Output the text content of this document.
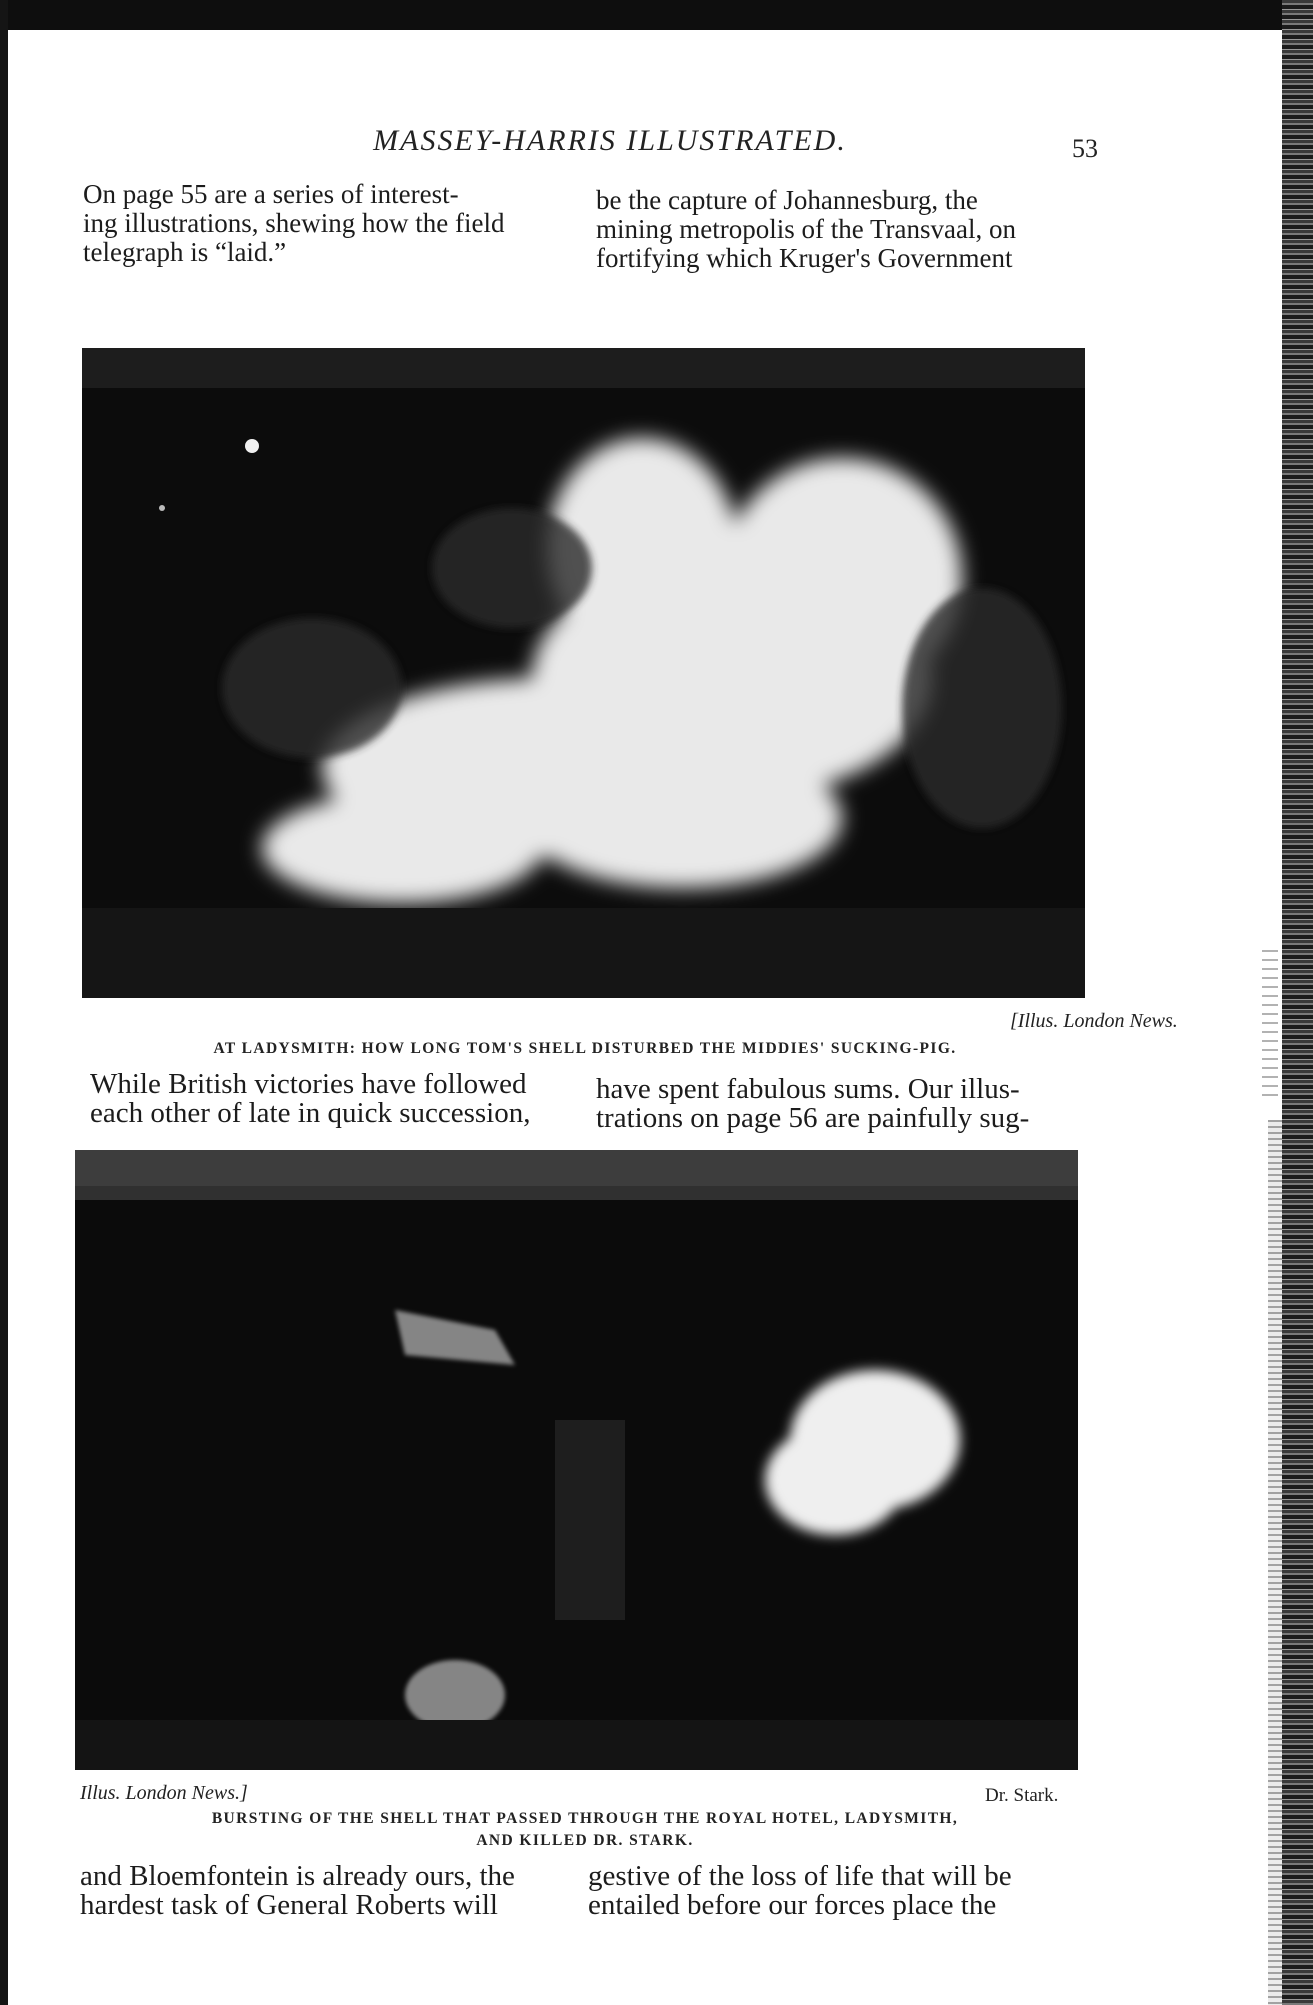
MASSEY-HARRIS ILLUSTRATED.	53
On page 55 are a series of interest-
ing illustrations, shewing how the field
telegraph is “laid.”
be the capture of Johannesburg, the
mining metropolis of the Transvaal, on
fortifying which Kruger's Government
[Illus. London News.
AT LADYSMITH: HOW LONG TOM'S SHELL DISTURBED THE MIDDIES' SUCKING-PIG.
While British victories have followed
each other of late in quick succession,
have spent fabulous sums. Our illus-
trations on page 56 are painfully sug-
Illus. London News.]	Dr. Stark.
BURSTING OF THE SHELL THAT PASSED THROUGH THE ROYAL HOTEL, LADYSMITH,
AND KILLED DR. STARK.
and Bloemfontein is already ours, the
hardest task of General Roberts will
gestive of the loss of life that will be
entailed before our forces place the
